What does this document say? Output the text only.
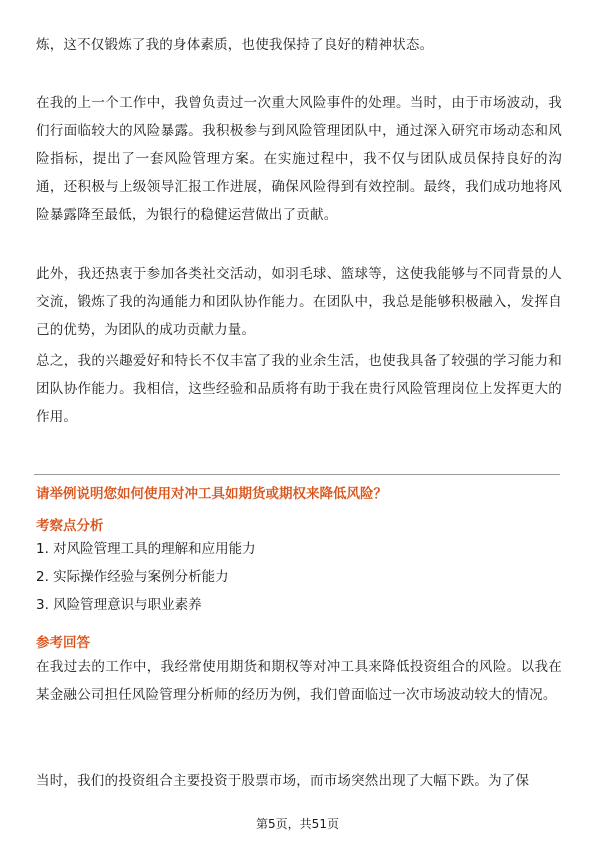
炼，这不仅锻炼了我的身体素质，也使我保持了良好的精神状态。

在我的上一个工作中，我曾负责过一次重大风险事件的处理。当时，由于市场波动，我们行面临较大的风险暴露。我积极参与到风险管理团队中，通过深入研究市场动态和风险指标，提出了一套风险管理方案。在实施过程中，我不仅与团队成员保持良好的沟通，还积极与上级领导汇报工作进展，确保风险得到有效控制。最终，我们成功地将风险暴露降至最低，为银行的稳健运营做出了贡献。

此外，我还热衷于参加各类社交活动，如羽毛球、篮球等，这使我能够与不同背景的人交流，锻炼了我的沟通能力和团队协作能力。在团队中，我总是能够积极融入，发挥自己的优势，为团队的成功贡献力量。

总之，我的兴趣爱好和特长不仅丰富了我的业余生活，也使我具备了较强的学习能力和团队协作能力。我相信，这些经验和品质将有助于我在贵行风险管理岗位上发挥更大的作用。

请举例说明您如何使用对冲工具如期货或期权来降低风险？

考察点分析

1. 对风险管理工具的理解和应用能力
2. 实际操作经验与案例分析能力
3. 风险管理意识与职业素养

参考回答

在我过去的工作中，我经常使用期货和期权等对冲工具来降低投资组合的风险。以我在某金融公司担任风险管理分析师的经历为例，我们曾面临过一次市场波动较大的情况。

当时，我们的投资组合主要投资于股票市场，而市场突然出现了大幅下跌。为了保

第5页，共51页
